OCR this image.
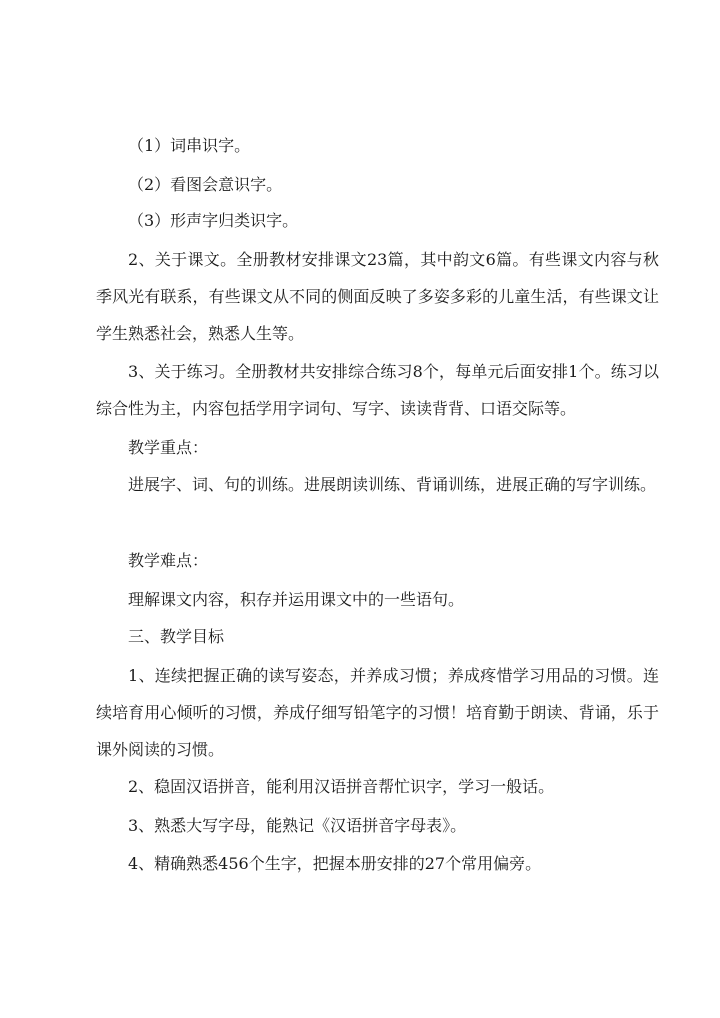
（1）词串识字。

（2）看图会意识字。

（3）形声字归类识字。

2、关于课文。全册教材安排课文23篇，其中韵文6篇。有些课文内容与秋季风光有联系，有些课文从不同的侧面反映了多姿多彩的儿童生活，有些课文让学生熟悉社会，熟悉人生等。

3、关于练习。全册教材共安排综合练习8个，每单元后面安排1个。练习以综合性为主，内容包括学用字词句、写字、读读背背、口语交际等。

教学重点：

进展字、词、句的训练。进展朗读训练、背诵训练，进展正确的写字训练。

教学难点：

理解课文内容，积存并运用课文中的一些语句。

三、教学目标

1、连续把握正确的读写姿态，并养成习惯；养成疼惜学习用品的习惯。连续培育用心倾听的习惯，养成仔细写铅笔字的习惯！培育勤于朗读、背诵，乐于课外阅读的习惯。

2、稳固汉语拼音，能利用汉语拼音帮忙识字，学习一般话。

3、熟悉大写字母，能熟记《汉语拼音字母表》。

4、精确熟悉456个生字，把握本册安排的27个常用偏旁。
